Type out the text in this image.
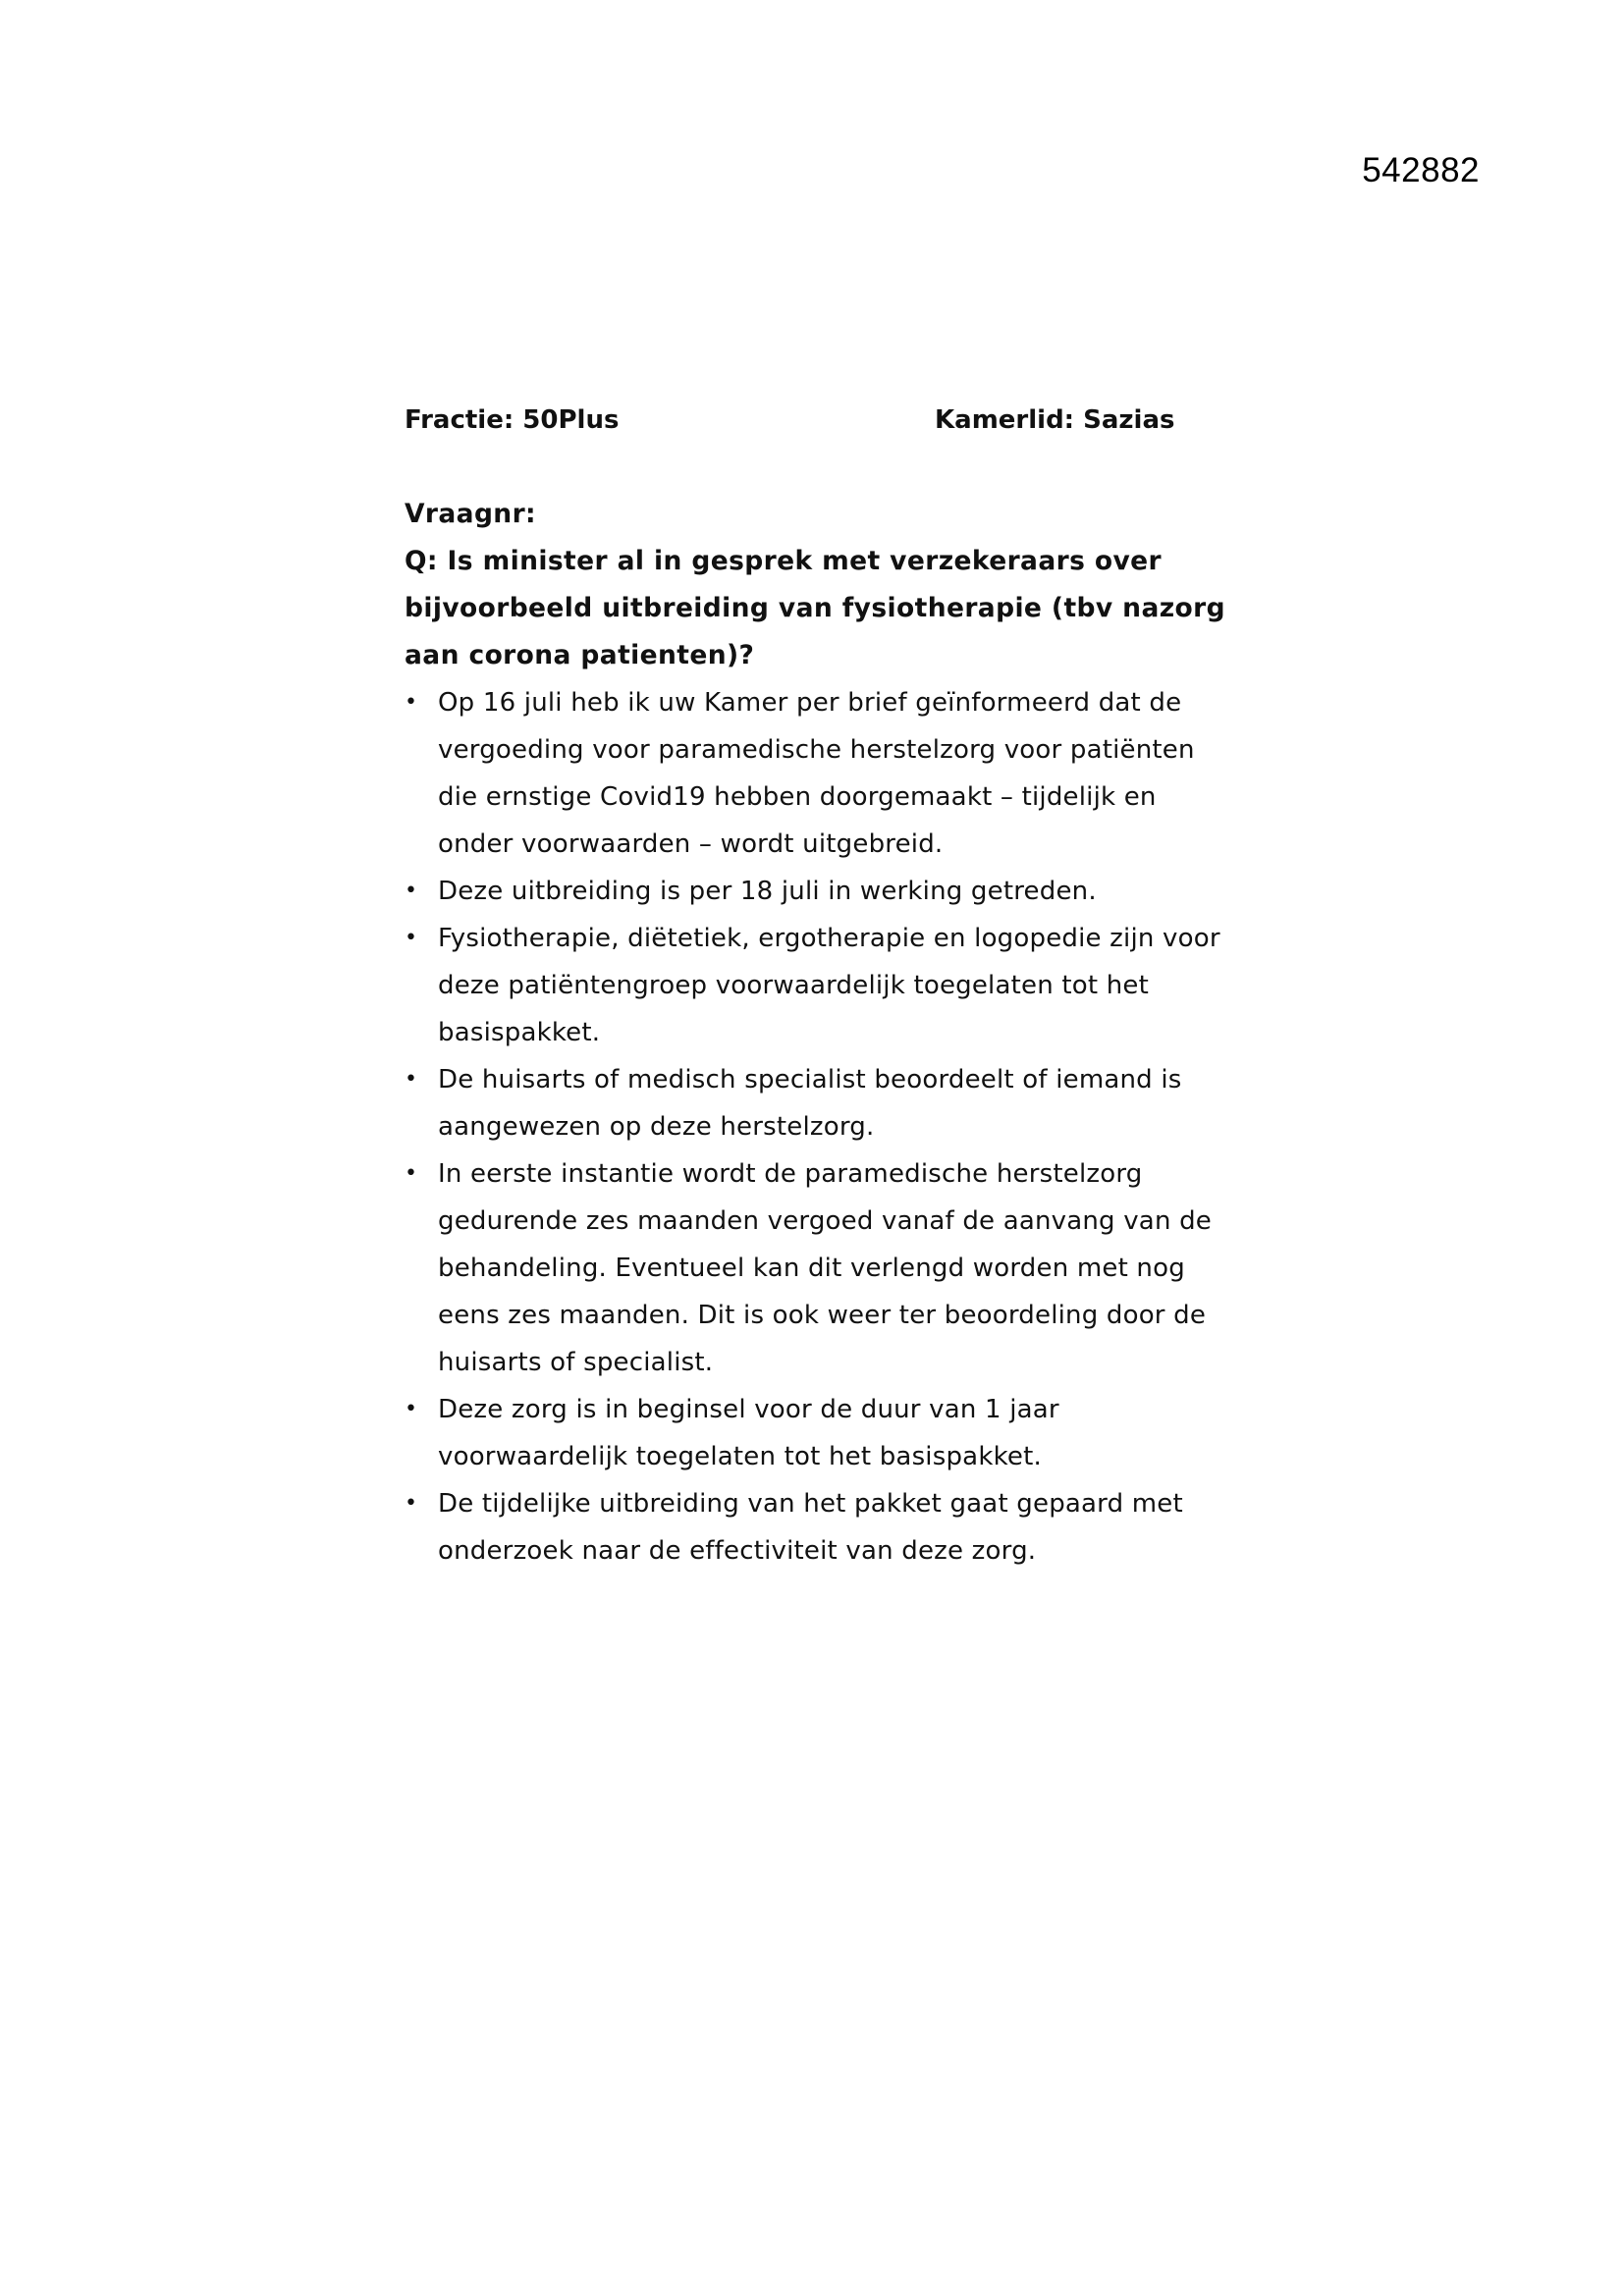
542882
Fractie: 50Plus	Kamerlid: Sazias
Vraagnr:
Q: Is minister al in gesprek met verzekeraars over
bijvoorbeeld uitbreiding van fysiotherapie (tbv nazorg
aan corona patienten)?
• Op 16 juli heb ik uw Kamer per brief geïnformeerd dat de
vergoeding voor paramedische herstelzorg voor patiënten
die ernstige Covid19 hebben doorgemaakt – tijdelijk en
onder voorwaarden – wordt uitgebreid.
• Deze uitbreiding is per 18 juli in werking getreden.
• Fysiotherapie, diëtetiek, ergotherapie en logopedie zijn voor
deze patiëntengroep voorwaardelijk toegelaten tot het
basispakket.
• De huisarts of medisch specialist beoordeelt of iemand is
aangewezen op deze herstelzorg.
• In eerste instantie wordt de paramedische herstelzorg
gedurende zes maanden vergoed vanaf de aanvang van de
behandeling. Eventueel kan dit verlengd worden met nog
eens zes maanden. Dit is ook weer ter beoordeling door de
huisarts of specialist.
• Deze zorg is in beginsel voor de duur van 1 jaar
voorwaardelijk toegelaten tot het basispakket.
• De tijdelijke uitbreiding van het pakket gaat gepaard met
onderzoek naar de effectiviteit van deze zorg.
